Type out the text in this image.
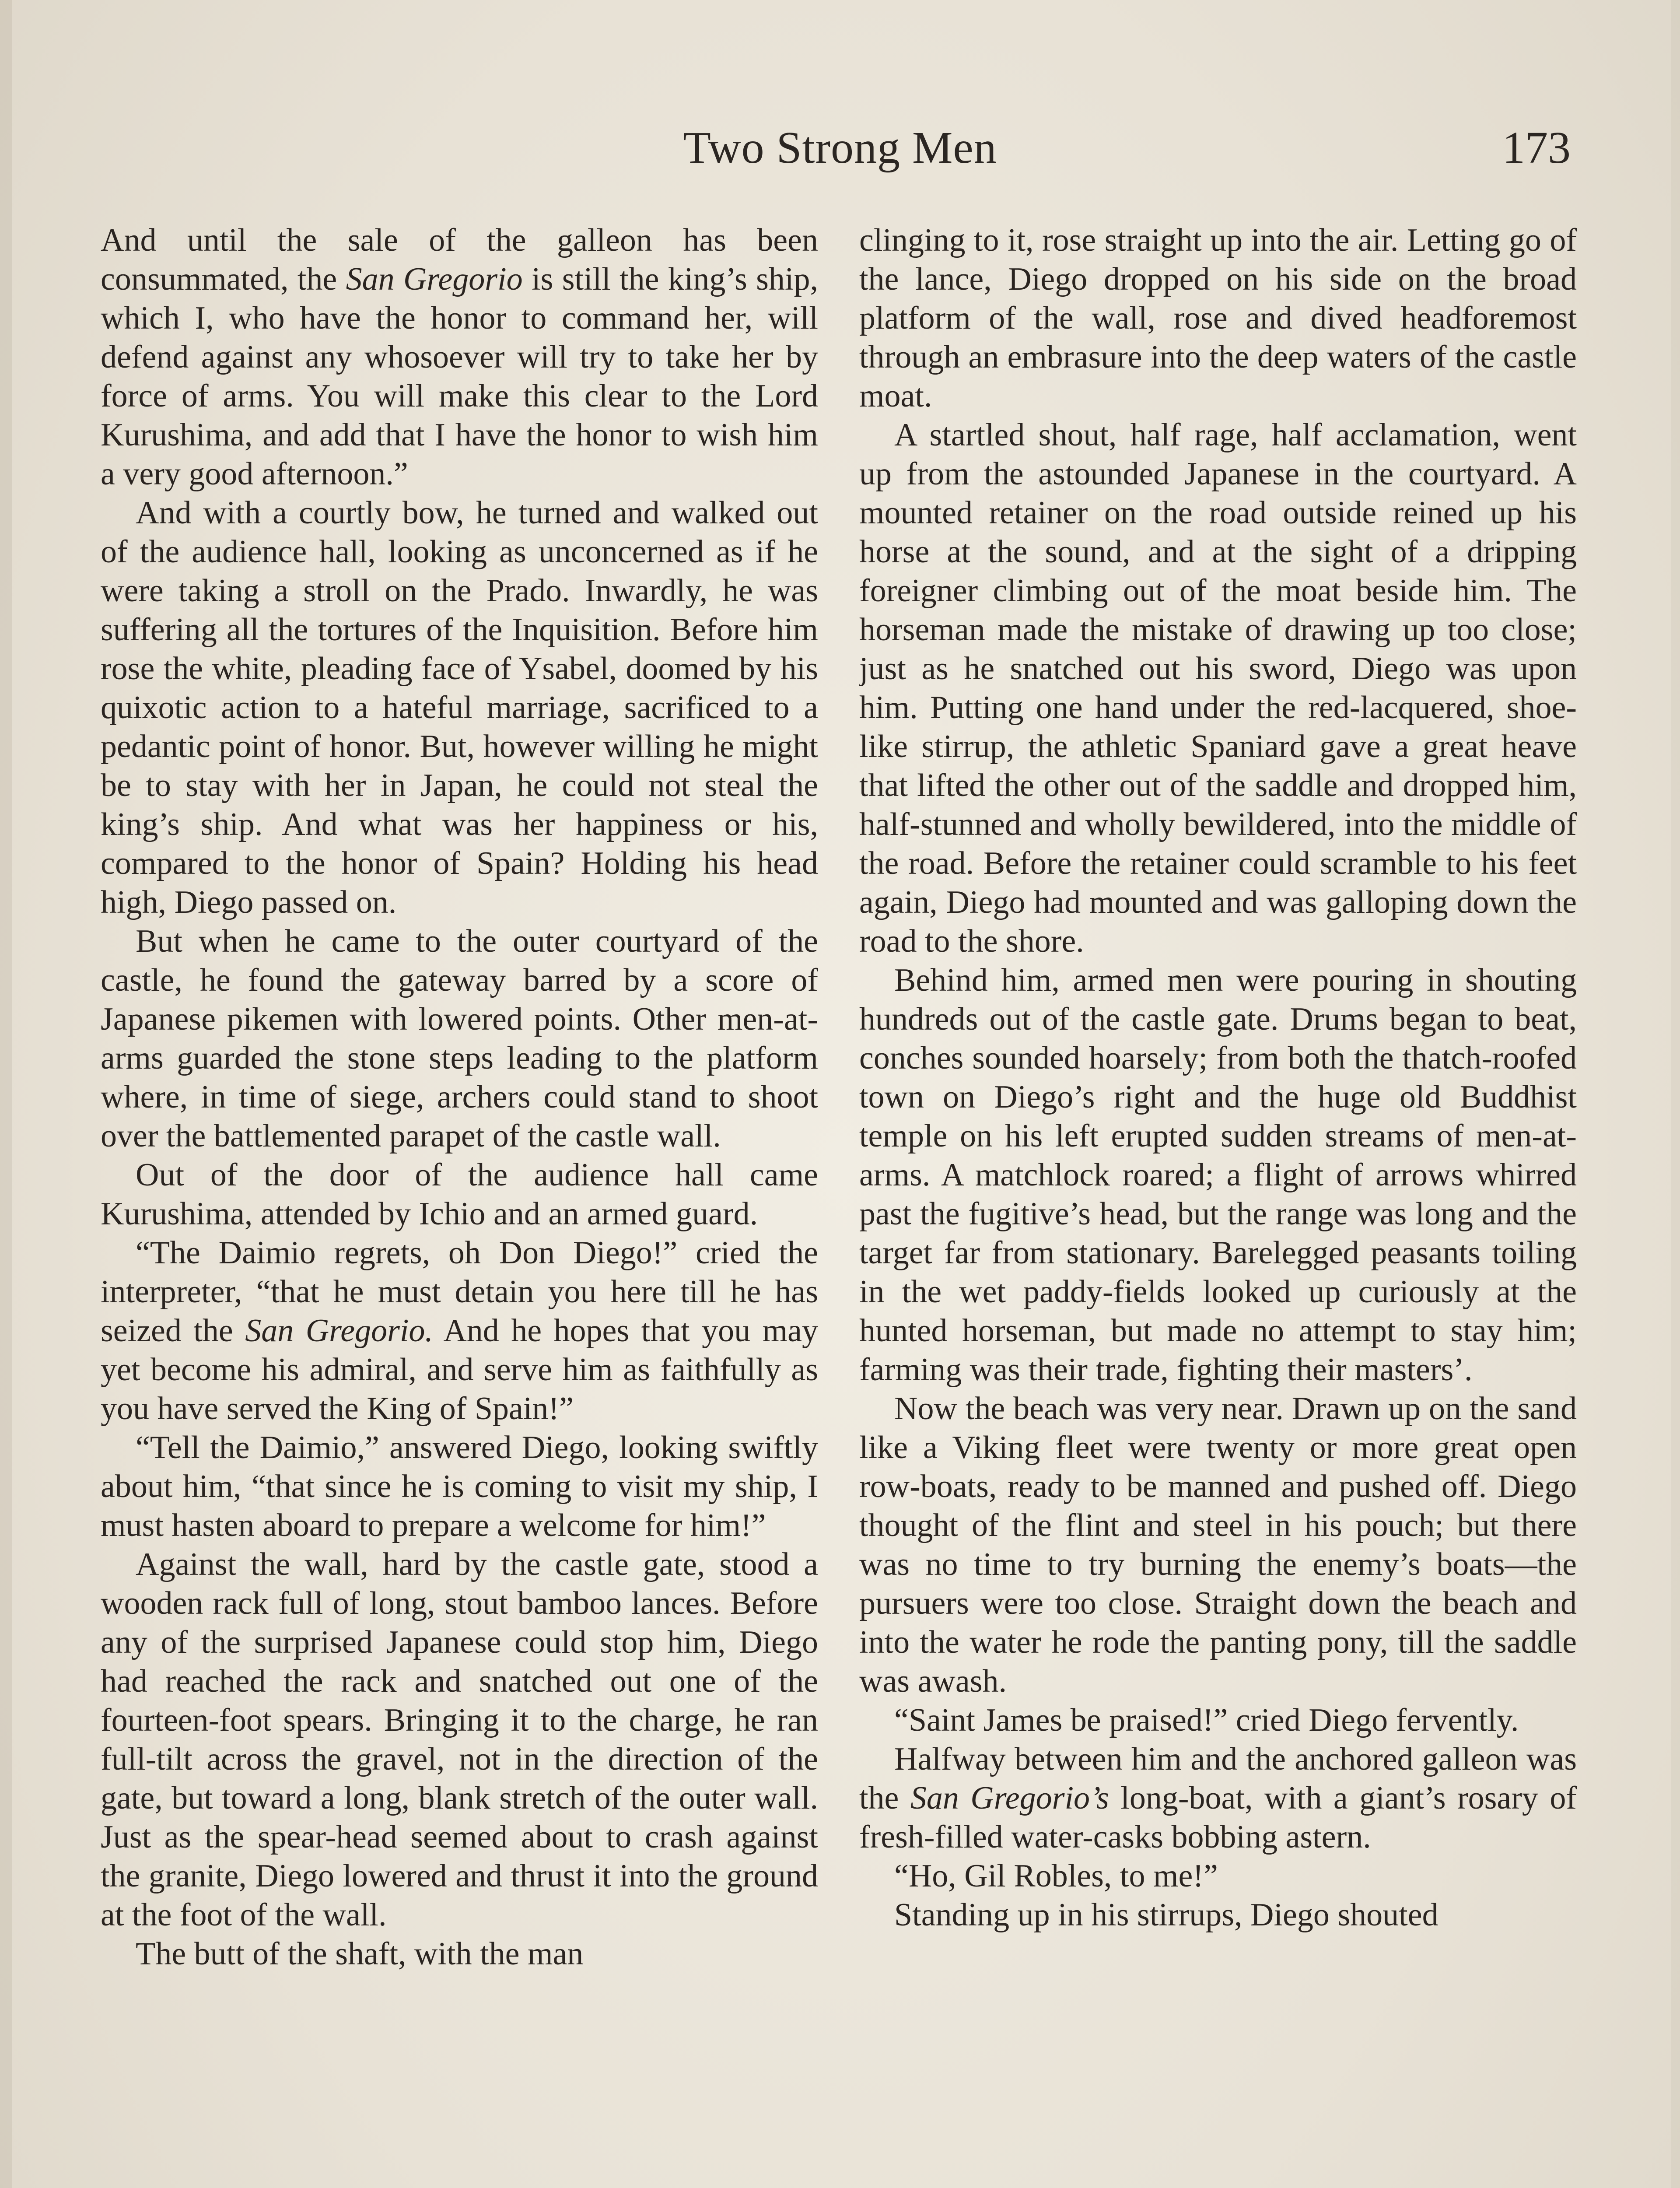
Two Strong Men	173

And until the sale of the galleon has been consummated, the San Gregorio is still the king’s ship, which I, who have the honor to command her, will defend against any whosoever will try to take her by force of arms. You will make this clear to the Lord Kurushima, and add that I have the honor to wish him a very good afternoon.”

And with a courtly bow, he turned and walked out of the audience hall, looking as unconcerned as if he were taking a stroll on the Prado. Inwardly, he was suffering all the tortures of the Inquisition. Before him rose the white, pleading face of Ysabel, doomed by his quixotic action to a hateful marriage, sacrificed to a pedantic point of honor. But, however willing he might be to stay with her in Japan, he could not steal the king’s ship. And what was her happiness or his, compared to the honor of Spain? Holding his head high, Diego passed on.

But when he came to the outer courtyard of the castle, he found the gateway barred by a score of Japanese pikemen with lowered points. Other men-at-arms guarded the stone steps leading to the platform where, in time of siege, archers could stand to shoot over the battlemented parapet of the castle wall.

Out of the door of the audience hall came Kurushima, attended by Ichio and an armed guard.

“The Daimio regrets, oh Don Diego!” cried the interpreter, “that he must detain you here till he has seized the San Gregorio. And he hopes that you may yet become his admiral, and serve him as faithfully as you have served the King of Spain!”

“Tell the Daimio,” answered Diego, looking swiftly about him, “that since he is coming to visit my ship, I must hasten aboard to prepare a welcome for him!”

Against the wall, hard by the castle gate, stood a wooden rack full of long, stout bamboo lances. Before any of the surprised Japanese could stop him, Diego had reached the rack and snatched out one of the fourteen-foot spears. Bringing it to the charge, he ran full-tilt across the gravel, not in the direction of the gate, but toward a long, blank stretch of the outer wall. Just as the spear-head seemed about to crash against the granite, Diego lowered and thrust it into the ground at the foot of the wall.

The butt of the shaft, with the man

clinging to it, rose straight up into the air. Letting go of the lance, Diego dropped on his side on the broad platform of the wall, rose and dived headforemost through an embrasure into the deep waters of the castle moat.

A startled shout, half rage, half acclamation, went up from the astounded Japanese in the courtyard. A mounted retainer on the road outside reined up his horse at the sound, and at the sight of a dripping foreigner climbing out of the moat beside him. The horseman made the mistake of drawing up too close; just as he snatched out his sword, Diego was upon him. Putting one hand under the red-lacquered, shoe-like stirrup, the athletic Spaniard gave a great heave that lifted the other out of the saddle and dropped him, half-stunned and wholly bewildered, into the middle of the road. Before the retainer could scramble to his feet again, Diego had mounted and was galloping down the road to the shore.

Behind him, armed men were pouring in shouting hundreds out of the castle gate. Drums began to beat, conches sounded hoarsely; from both the thatch-roofed town on Diego’s right and the huge old Buddhist temple on his left erupted sudden streams of men-at-arms. A matchlock roared; a flight of arrows whirred past the fugitive’s head, but the range was long and the target far from stationary. Barelegged peasants toiling in the wet paddy-fields looked up curiously at the hunted horseman, but made no attempt to stay him; farming was their trade, fighting their masters’.

Now the beach was very near. Drawn up on the sand like a Viking fleet were twenty or more great open row-boats, ready to be manned and pushed off. Diego thought of the flint and steel in his pouch; but there was no time to try burning the enemy’s boats—the pursuers were too close. Straight down the beach and into the water he rode the panting pony, till the saddle was awash.

“Saint James be praised!” cried Diego fervently.

Halfway between him and the anchored galleon was the San Gregorio’s long-boat, with a giant’s rosary of fresh-filled water-casks bobbing astern.

“Ho, Gil Robles, to me!”

Standing up in his stirrups, Diego shouted
